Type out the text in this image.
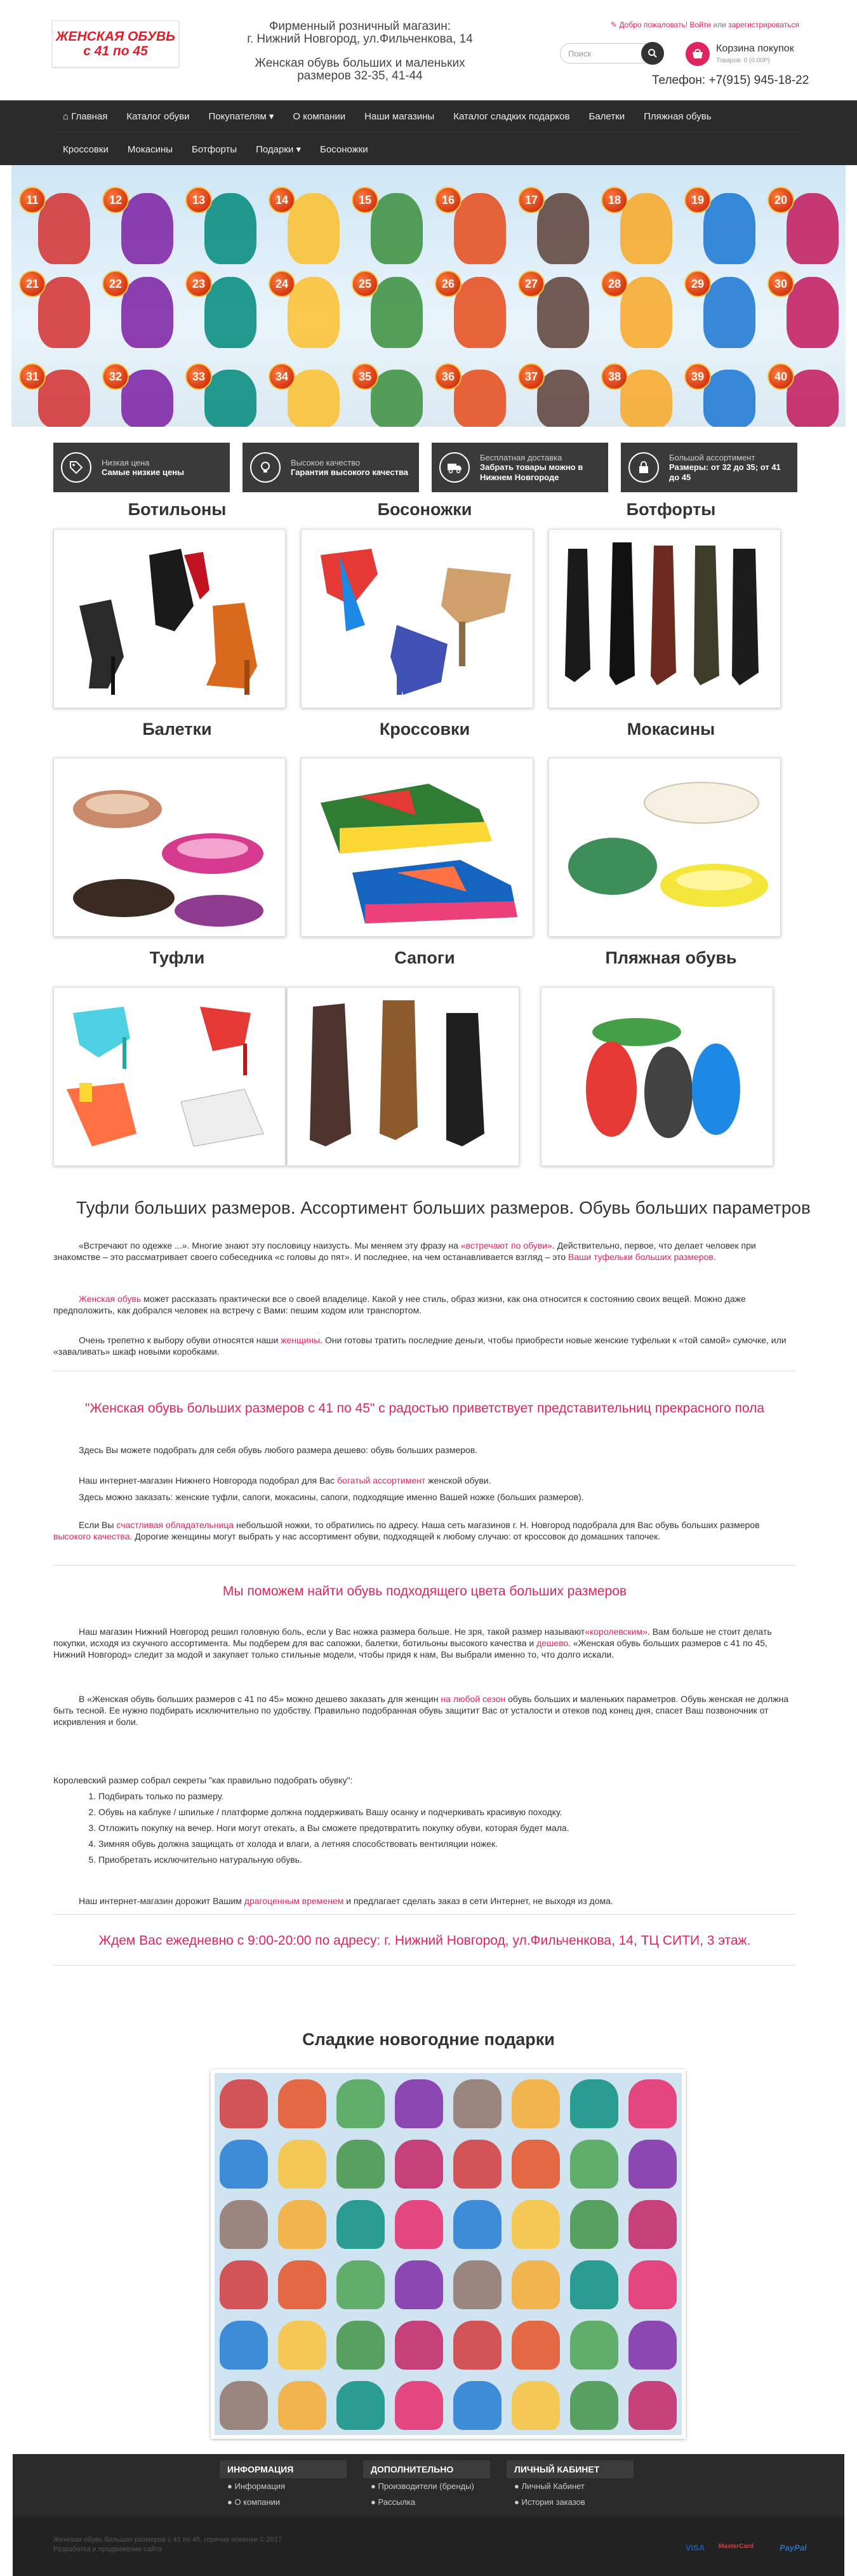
ЖЕНСКАЯ ОБУВЬ
с 41 по 45
Фирменный розничный магазин:
г. Нижний Новгород, ул.Фильченкова, 14
Женская обувь больших и маленьких
размеров 32-35, 41-44
✎ Добро пожаловать! Войти или зарегистрироваться
Поиск	Корзина покупок
Товаров: 0 (0.00P)
Телефон: +7(915) 945-18-22
⌂ Главная	Каталог обуви	Покупателям ▾	О компании	Наши магазины	Каталог сладких подарков	Балетки	Пляжная обувь
Кроссовки	Мокасины	Ботфорты	Подарки ▾	Босоножки
11	12	13	14	15	16	17	18	19	20
21	22	23	24	25	26	27	28	29	30
31	32	33	34	35	36	37	38	39	40
Низкая цена
Самые низкие цены
Высокое качество
Гарантия высокого качества
Бесплатная доставка
Забрать товары можно в Нижнем Новгороде
Большой ассортимент
Размеры: от 32 до 35; от 41 до 45
Ботильоны	Босоножки	Ботфорты
Балетки	Кроссовки	Мокасины
Туфли	Сапоги	Пляжная обувь
Туфли больших размеров. Ассортимент больших размеров. Обувь больших параметров
«Встречают по одежке ...». Многие знают эту пословицу наизусть. Мы меняем эту фразу на «встречают по обуви». Действительно, первое, что делает человек при знакомстве – это рассматривает своего собеседника «с головы до пят». И последнее, на чем останавливается взгляд – это Ваши туфельки больших размеров.
Женская обувь может рассказать практически все о своей владелице. Какой у нее стиль, образ жизни, как она относится к состоянию своих вещей. Можно даже предположить, как добрался человек на встречу с Вами: пешим ходом или транспортом.
Очень трепетно к выбору обуви относятся наши женщины. Они готовы тратить последние деньги, чтобы приобрести новые женские туфельки к «той самой» сумочке, или «заваливать» шкаф новыми коробками.
"Женская обувь больших размеров с 41 по 45" с радостью приветствует представительниц прекрасного пола
Здесь Вы можете подобрать для себя обувь любого размера дешево: обувь больших размеров.
Наш интернет-магазин Нижнего Новгорода подобрал для Вас богатый ассортимент женской обуви.
Здесь можно заказать: женские туфли, сапоги, мокасины, сапоги, подходящие именно Вашей ножке (больших размеров).
Если Вы счастливая обладательница небольшой ножки, то обратились по адресу. Наша сеть магазинов г. Н. Новгород подобрала для Вас обувь больших размеров высокого качества. Дорогие женщины могут выбрать у нас ассортимент обуви, подходящей к любому случаю: от кроссовок до домашних тапочек.
Мы поможем найти обувь подходящего цвета больших размеров
Наш магазин Нижний Новгород решил головную боль, если у Вас ножка размера больше. Не зря, такой размер называют«королевским». Вам больше не стоит делать покупки, исходя из скучного ассортимента. Мы подберем для вас сапожки, балетки, ботильоны высокого качества и дешево. «Женская обувь больших размеров с 41 по 45, Нижний Новгород» следит за модой и закупает только стильные модели, чтобы придя к нам, Вы выбрали именно то, что долго искали.
В «Женская обувь больших размеров с 41 по 45» можно дешево заказать для женщин на любой сезон обувь больших и маленьких параметров. Обувь женская не должна быть тесной. Ее нужно подбирать исключительно по удобству. Правильно подобранная обувь защитит Вас от усталости и отеков под конец дня, спасет Ваш позвоночник от искривления и боли.
Королевский размер собрал секреты "как правильно подобрать обувку":
1. Подбирать только по размеру.
2. Обувь на каблуке / шпильке / платформе должна поддерживать Вашу осанку и подчеркивать красивую походку.
3. Отложить покупку на вечер. Ноги могут отекать, а Вы сможете предотвратить покупку обуви, которая будет мала.
4. Зимняя обувь должна защищать от холода и влаги, а летняя способствовать вентиляции ножек.
5. Приобретать исключительно натуральную обувь.
Наш интернет-магазин дорожит Вашим драгоценным временем и предлагает сделать заказ в сети Интернет, не выходя из дома.
Ждем Вас ежедневно с 9:00-20:00 по адресу: г. Нижний Новгород, ул.Фильченкова, 14, ТЦ СИТИ, 3 этаж.
Сладкие новогодние подарки
ИНФОРМАЦИЯ
● Информация
● О компании
ДОПОЛНИТЕЛЬНО
● Производители (бренды)
● Рассылка
ЛИЧНЫЙ КАБИНЕТ
● Личный Кабинет
● История заказов
Женская обувь больших размеров с 41 по 45, горячие новинки © 2017
Разработка и продвижение сайта	VISA MasterCard	PayPal
